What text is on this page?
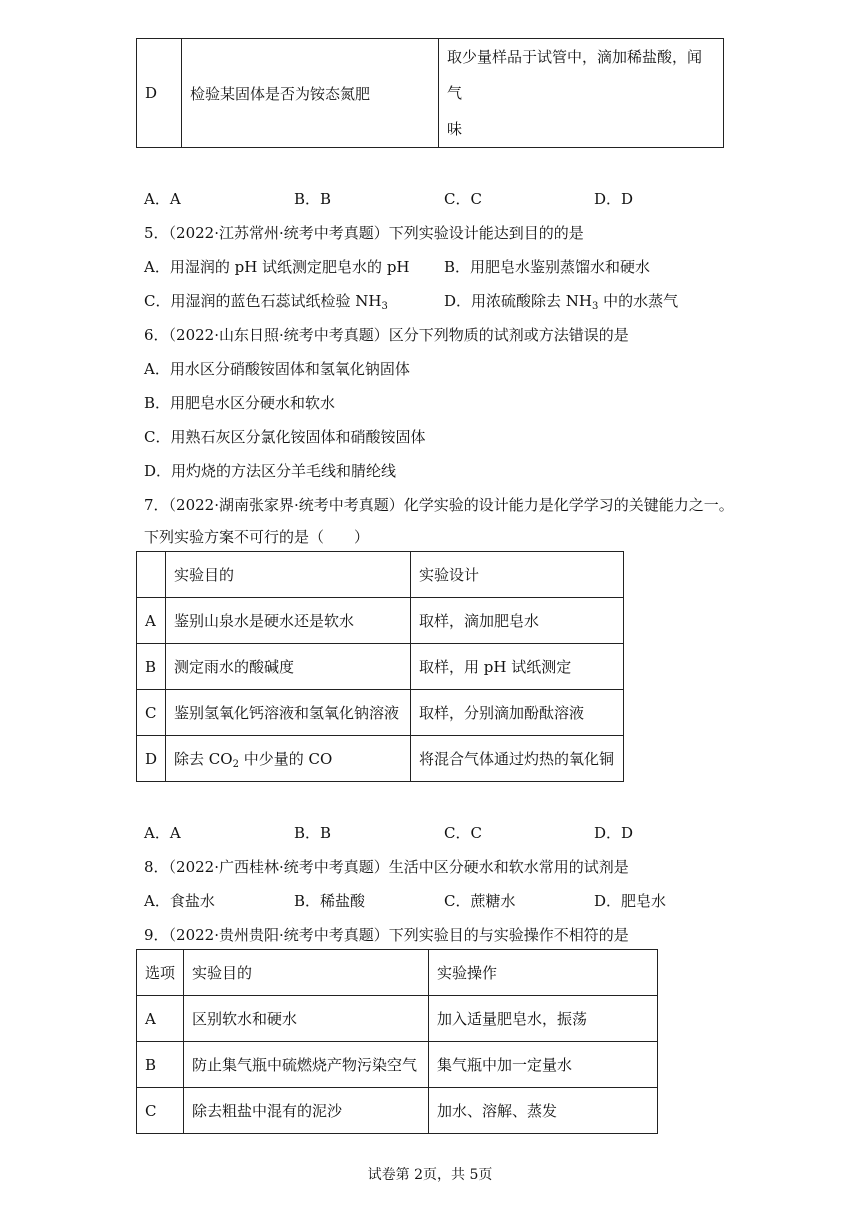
D	检验某固体是否为铵态氮肥	
取少量样品于试管中，滴加稀盐酸，闻气
味
A．A	B．B	C．C	D．D
5．（2022·江苏常州·统考中考真题）下列实验设计能达到目的的是
A．用湿润的 pH 试纸测定肥皂水的 pH B．用肥皂水鉴别蒸馏水和硬水
C．用湿润的蓝色石蕊试纸检验 $NH_3$	D．用浓硫酸除去 $NH_3$ 中的水蒸气
6．（2022·山东日照·统考中考真题）区分下列物质的试剂或方法错误的是
A．用水区分硝酸铵固体和氢氧化钠固体
B．用肥皂水区分硬水和软水
C．用熟石灰区分氯化铵固体和硝酸铵固体
D．用灼烧的方法区分羊毛线和腈纶线
7．（2022·湖南张家界·统考中考真题）化学实验的设计能力是化学学习的关键能力之一。
下列实验方案不可行的是（　　）
	实验目的	实验设计
A	鉴别山泉水是硬水还是软水	取样，滴加肥皂水
B	测定雨水的酸碱度	取样，用 pH 试纸测定
C	鉴别氢氧化钙溶液和氢氧化钠溶液	取样，分别滴加酚酞溶液
D	除去 $CO_2$ 中少量的 CO	将混合气体通过灼热的氧化铜
A．A	B．B	C．C	D．D
8．（2022·广西桂林·统考中考真题）生活中区分硬水和软水常用的试剂是
A．食盐水	B．稀盐酸	C．蔗糖水	D．肥皂水
9．（2022·贵州贵阳·统考中考真题）下列实验目的与实验操作不相符的是
选项	实验目的	实验操作
A	区别软水和硬水	加入适量肥皂水，振荡
B	防止集气瓶中硫燃烧产物污染空气	集气瓶中加一定量水
C	除去粗盐中混有的泥沙	加水、溶解、蒸发
试卷第 2页，共 5页
